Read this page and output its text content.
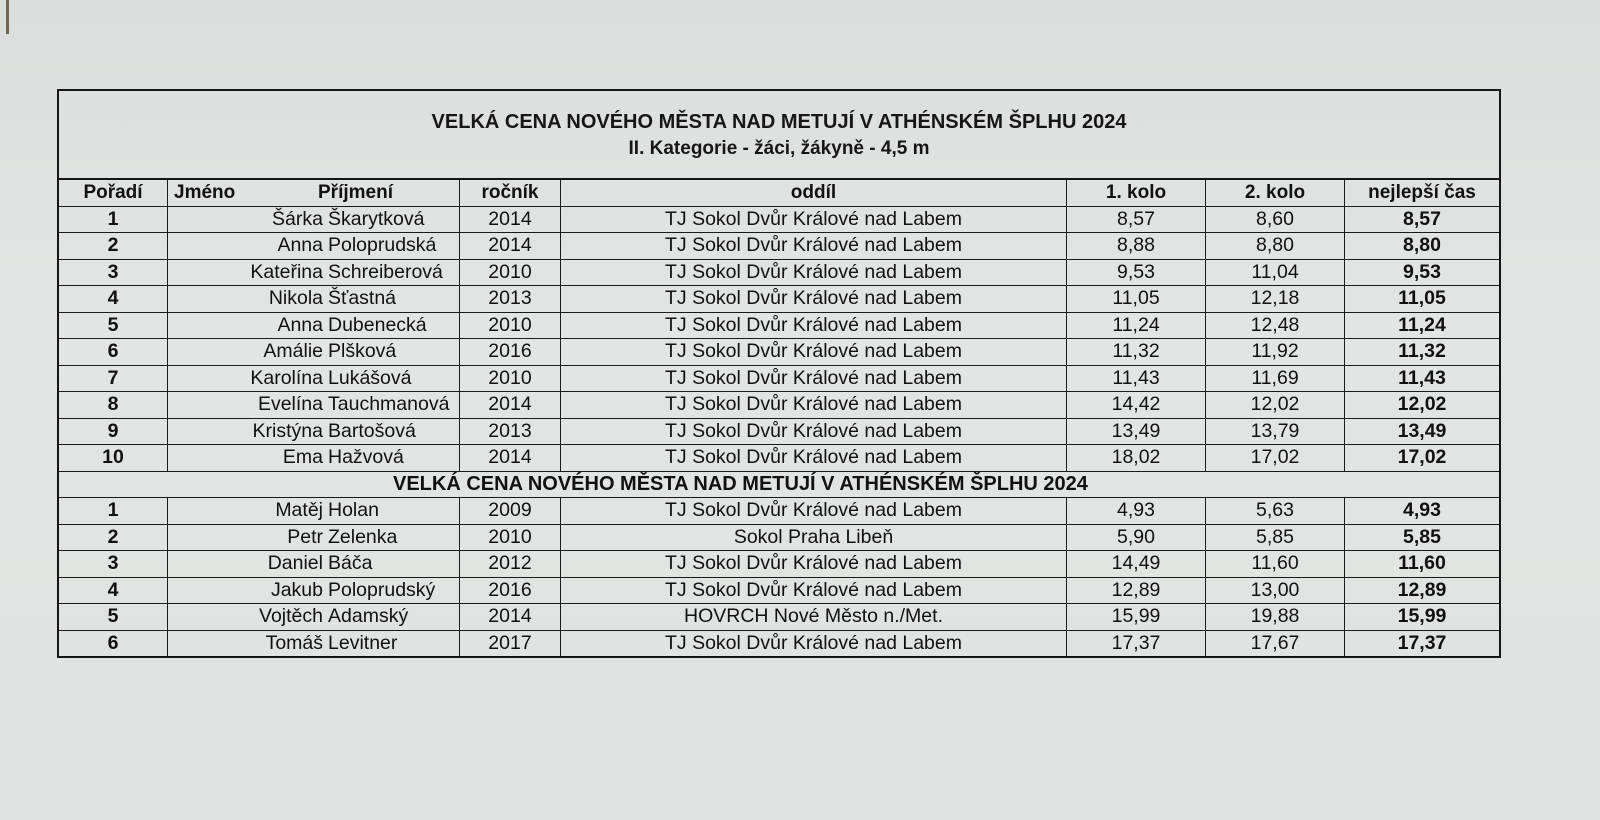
VELKÁ CENA NOVÉHO MĚSTA NAD METUJÍ V ATHÉNSKÉM ŠPLHU 2024
II. Kategorie - žáci, žákyně - 4,5 m
Pořadí	Jméno Příjmení	ročník	oddíl	1. kolo	2. kolo	nejlepší čas
1	Šárka Škarytková	2014	TJ Sokol Dvůr Králové nad Labem	8,57	8,60	8,57
2	Anna Poloprudská	2014	TJ Sokol Dvůr Králové nad Labem	8,88	8,80	8,80
3	Kateřina Schreiberová	2010	TJ Sokol Dvůr Králové nad Labem	9,53	11,04	9,53
4	Nikola Šťastná	2013	TJ Sokol Dvůr Králové nad Labem	11,05	12,18	11,05
5	Anna Dubenecká	2010	TJ Sokol Dvůr Králové nad Labem	11,24	12,48	11,24
6	Amálie Plšková	2016	TJ Sokol Dvůr Králové nad Labem	11,32	11,92	11,32
7	Karolína Lukášová	2010	TJ Sokol Dvůr Králové nad Labem	11,43	11,69	11,43
8	Evelína Tauchmanová	2014	TJ Sokol Dvůr Králové nad Labem	14,42	12,02	12,02
9	Kristýna Bartošová	2013	TJ Sokol Dvůr Králové nad Labem	13,49	13,79	13,49
10	Ema Hažvová	2014	TJ Sokol Dvůr Králové nad Labem	18,02	17,02	17,02
VELKÁ CENA NOVÉHO MĚSTA NAD METUJÍ V ATHÉNSKÉM ŠPLHU 2024						
1	Matěj Holan	2009	TJ Sokol Dvůr Králové nad Labem	4,93	5,63	4,93
2	Petr Zelenka	2010	Sokol Praha Libeň	5,90	5,85	5,85
3	Daniel Báča	2012	TJ Sokol Dvůr Králové nad Labem	14,49	11,60	11,60
4	Jakub Poloprudský	2016	TJ Sokol Dvůr Králové nad Labem	12,89	13,00	12,89
5	Vojtěch Adamský	2014	HOVRCH Nové Město n./Met.	15,99	19,88	15,99
6	Tomáš Levitner	2017	TJ Sokol Dvůr Králové nad Labem	17,37	17,67	17,37
